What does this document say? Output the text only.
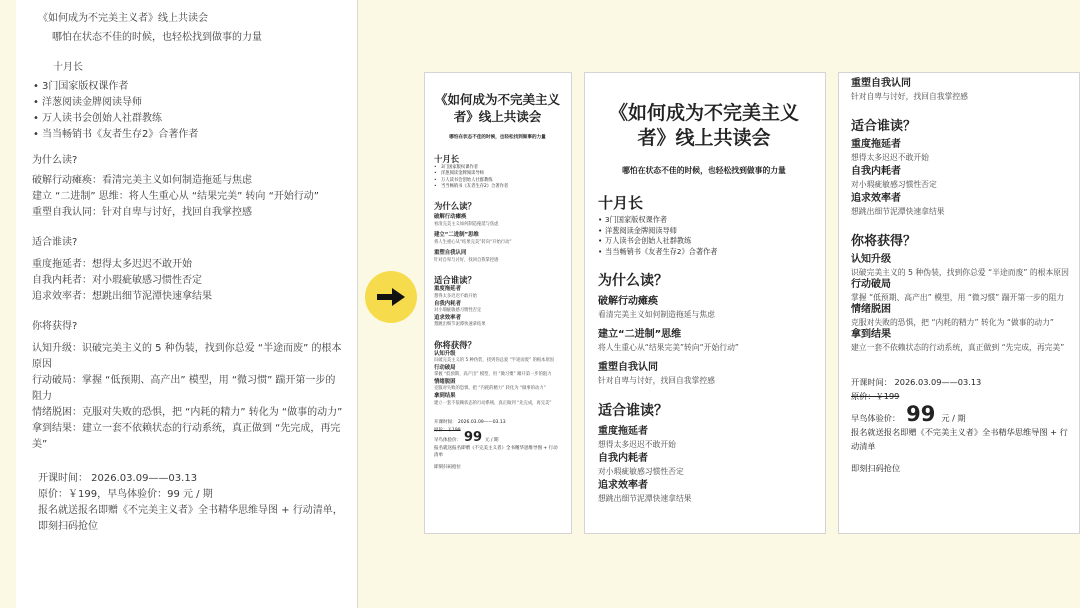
《如何成为不完美主义者》线上共读会
哪怕在状态不佳的时候，也轻松找到做事的力量
十月长
• 3门国家版权课作者
• 洋葱阅读金牌阅读导师
• 万人读书会创始人社群教练
• 当当畅销书《友者生存2》合著作者
为什么读?

破解行动瘫痪：看清完美主义如何制造拖延与焦虑

建立 “二进制” 思维：将人生重心从 “结果完美” 转向 “开始行动”

重塑自我认同：针对自卑与讨好，找回自我掌控感

适合谁读?

重度拖延者：想得太多迟迟不敢开始

自我内耗者：对小瑕疵敏感习惯性否定

追求效率者：想跳出细节泥潭快速拿结果

你将获得?

认知升级：识破完美主义的 5 种伪装，找到你总爱 “半途而废” 的根本原因

行动破局：掌握 “低预期、高产出” 模型，用 “微习惯” 踹开第一步的阻力

情绪脱困：克服对失败的恐惧，把 “内耗的精力” 转化为 “做事的动力”

拿到结果：建立一套不依赖状态的行动系统，真正做到 “先完成，再完美”

开课时间： 2026.03.09——03.13
原价：￥199，早鸟体验价：99 元 / 期

报名就送报名即赠《不完美主义者》全书精华思维导图 + 行动清单，即刻扫码抢位

《如何成为不完美主义者》线上共读会
哪怕在状态不佳的时候，也轻松找到做事的力量
十月长
• 3门国家版权课作者
• 洋葱阅读金牌阅读导师
• 万人读书会创始人社群教练
• 当当畅销书《友者生存2》合著作者
为什么读？
破解行动瘫痪
看清完美主义如何制造拖延与焦虑
建立“二进制”思维
将人生重心从“结果完美”转向“开始行动”
重塑自我认同
针对自卑与讨好，找回自我掌控感
适合谁读？
重度拖延者
想得太多迟迟不敢开始
自我内耗者
对小瑕疵敏感习惯性否定
追求效率者
想跳出细节泥潭快速拿结果
你将获得？
认知升级
识破完美主义的 5 种伪装，找到你总爱 “半途而废” 的根本原因
行动破局
掌握 “低预期、高产出” 模型，用 “微习惯” 踹开第一步的阻力
情绪脱困
克服对失败的恐惧，把 “内耗的精力” 转化为 “做事的动力”
拿到结果
建立一套不依赖状态的行动系统，真正做到 “先完成，再完美”
开课时间： 2026.03.09——03.13
原价：￥199
早鸟体验价： 99 元 / 期
报名就送报名即赠《不完美主义者》全书精华思维导图 + 行动清单
即刻扫码抢位
《如何成为不完美主义者》线上共读会
哪怕在状态不佳的时候，也轻松找到做事的力量
十月长
• 3门国家版权课作者
• 洋葱阅读金牌阅读导师
• 万人读书会创始人社群教练
• 当当畅销书《友者生存2》合著作者
为什么读？
破解行动瘫痪
看清完美主义如何制造拖延与焦虑
建立“二进制”思维
将人生重心从“结果完美”转向“开始行动”
重塑自我认同
针对自卑与讨好，找回自我掌控感
适合谁读？
重度拖延者
想得太多迟迟不敢开始
自我内耗者
对小瑕疵敏感习惯性否定
追求效率者
想跳出细节泥潭快速拿结果
重塑自我认同
针对自卑与讨好，找回自我掌控感
适合谁读？
重度拖延者
想得太多迟迟不敢开始
自我内耗者
对小瑕疵敏感习惯性否定
追求效率者
想跳出细节泥潭快速拿结果
你将获得？
认知升级
识破完美主义的 5 种伪装，找到你总爱 “半途而废” 的根本原因
行动破局
掌握 “低预期、高产出” 模型，用 “微习惯” 踹开第一步的阻力
情绪脱困
克服对失败的恐惧，把 “内耗的精力” 转化为 “做事的动力”
拿到结果
建立一套不依赖状态的行动系统，真正做到 “先完成，再完美”
开课时间： 2026.03.09——03.13
原价：￥199
早鸟体验价： 99 元 / 期
报名就送报名即赠《不完美主义者》全书精华思维导图 + 行动清单
即刻扫码抢位
